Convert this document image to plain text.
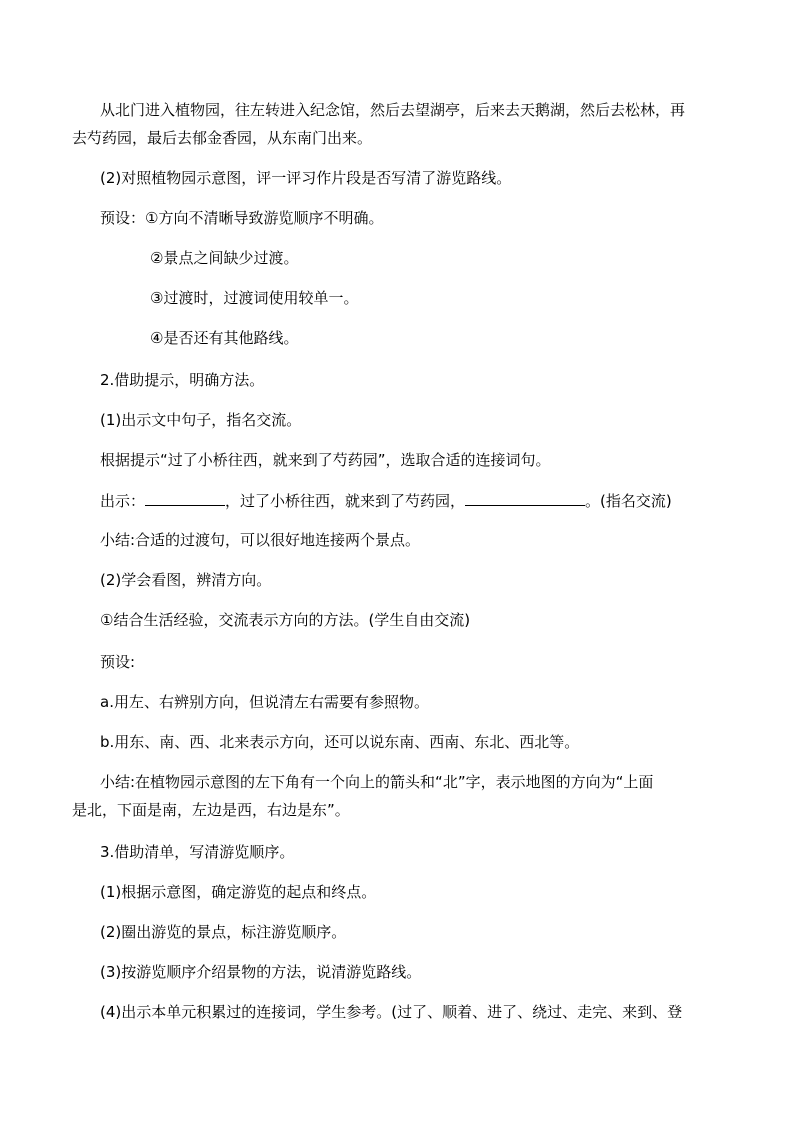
从北门进入植物园，往左转进入纪念馆，然后去望湖亭，后来去天鹅湖，然后去松林，再
去芍药园，最后去郁金香园，从东南门出来。
(2)对照植物园示意图，评一评习作片段是否写清了游览路线。
预设：①方向不清晰导致游览顺序不明确。
②景点之间缺少过渡。
③过渡时，过渡词使用较单一。
④是否还有其他路线。
2.借助提示，明确方法。
(1)出示文中句子，指名交流。
根据提示“过了小桥往西，就来到了芍药园”，选取合适的连接词句。
出示：	，过了小桥往西，就来到了芍药园，	。(指名交流)
小结:合适的过渡句，可以很好地连接两个景点。
(2)学会看图，辨清方向。
①结合生活经验，交流表示方向的方法。(学生自由交流)
预设:
a.用左、右辨别方向，但说清左右需要有参照物。
b.用东、南、西、北来表示方向，还可以说东南、西南、东北、西北等。
小结:在植物园示意图的左下角有一个向上的箭头和“北”字，表示地图的方向为“上面
是北，下面是南，左边是西，右边是东”。
3.借助清单，写清游览顺序。
(1)根据示意图，确定游览的起点和终点。
(2)圈出游览的景点，标注游览顺序。
(3)按游览顺序介绍景物的方法，说清游览路线。
(4)出示本单元积累过的连接词，学生参考。(过了、顺着、进了、绕过、走完、来到、登
